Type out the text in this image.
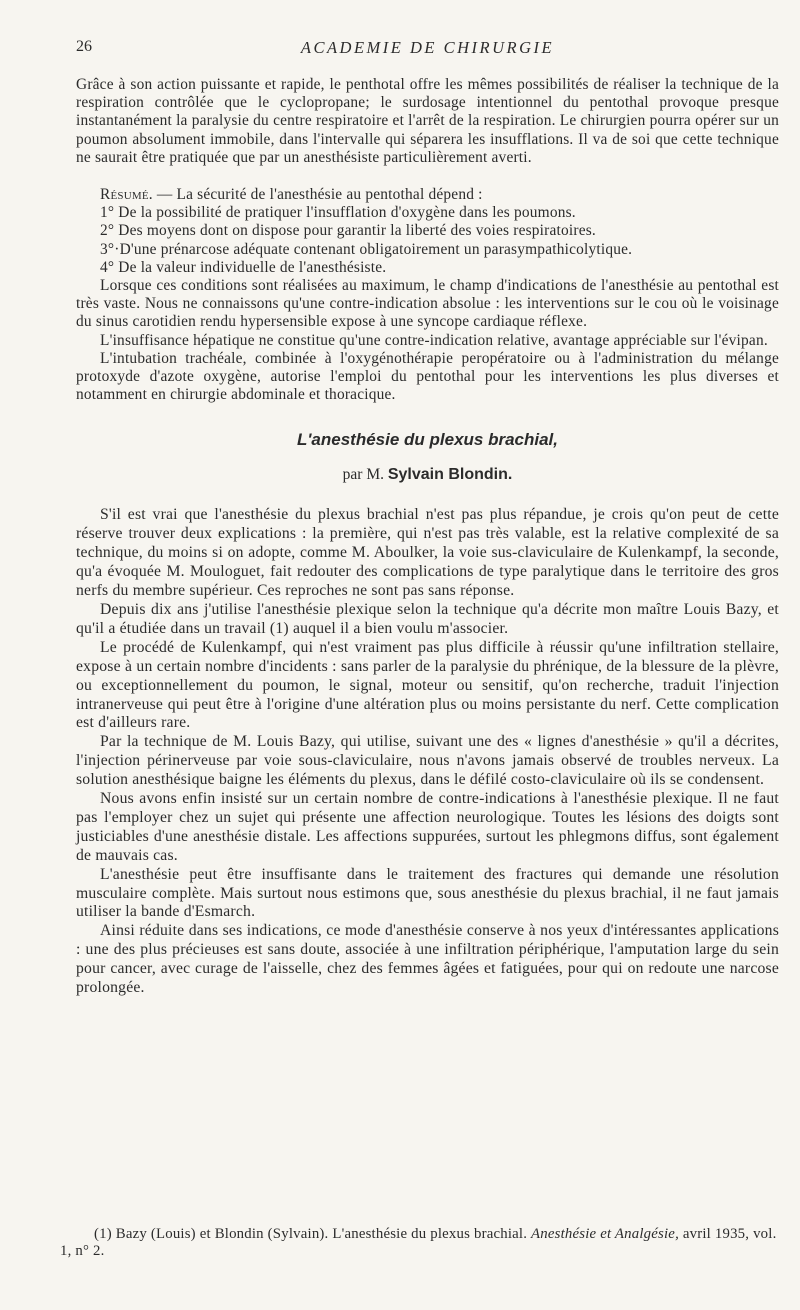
26	ACADEMIE DE CHIRURGIE

Grâce à son action puissante et rapide, le penthotal offre les mêmes possibilités de réaliser la technique de la respiration contrôlée que le cyclopropane; le surdosage intentionnel du pentothal provoque presque instantanément la paralysie du centre respiratoire et l'arrêt de la respiration. Le chirurgien pourra opérer sur un poumon absolument immobile, dans l'intervalle qui séparera les insufflations. Il va de soi que cette technique ne saurait être pratiquée que par un anesthésiste particulièrement averti.

Résumé. — La sécurité de l'anesthésie au pentothal dépend :

1° De la possibilité de pratiquer l'insufflation d'oxygène dans les poumons.

2° Des moyens dont on dispose pour garantir la liberté des voies respiratoires.

3°·D'une prénarcose adéquate contenant obligatoirement un parasympathicolytique.

4° De la valeur individuelle de l'anesthésiste.

Lorsque ces conditions sont réalisées au maximum, le champ d'indications de l'anesthésie au pentothal est très vaste. Nous ne connaissons qu'une contre-indication absolue : les interventions sur le cou où le voisinage du sinus carotidien rendu hypersensible expose à une syncope cardiaque réflexe.

L'insuffisance hépatique ne constitue qu'une contre-indication relative, avantage appréciable sur l'évipan.

L'intubation trachéale, combinée à l'oxygénothérapie peropératoire ou à l'administration du mélange protoxyde d'azote oxygène, autorise l'emploi du pentothal pour les interventions les plus diverses et notamment en chirurgie abdominale et thoracique.

L'anesthésie du plexus brachial,
par M. Sylvain Blondin.

S'il est vrai que l'anesthésie du plexus brachial n'est pas plus répandue, je crois qu'on peut de cette réserve trouver deux explications : la première, qui n'est pas très valable, est la relative complexité de sa technique, du moins si on adopte, comme M. Aboulker, la voie sus-claviculaire de Kulenkampf, la seconde, qu'a évoquée M. Mouloguet, fait redouter des complications de type paralytique dans le territoire des gros nerfs du membre supérieur. Ces reproches ne sont pas sans réponse.

Depuis dix ans j'utilise l'anesthésie plexique selon la technique qu'a décrite mon maître Louis Bazy, et qu'il a étudiée dans un travail (1) auquel il a bien voulu m'associer.

Le procédé de Kulenkampf, qui n'est vraiment pas plus difficile à réussir qu'une infiltration stellaire, expose à un certain nombre d'incidents : sans parler de la paralysie du phrénique, de la blessure de la plèvre, ou exceptionnellement du poumon, le signal, moteur ou sensitif, qu'on recherche, traduit l'injection intranerveuse qui peut être à l'origine d'une altération plus ou moins persistante du nerf. Cette complication est d'ailleurs rare.

Par la technique de M. Louis Bazy, qui utilise, suivant une des « lignes d'anesthésie » qu'il a décrites, l'injection périnerveuse par voie sous-claviculaire, nous n'avons jamais observé de troubles nerveux. La solution anesthésique baigne les éléments du plexus, dans le défilé costo-claviculaire où ils se condensent.

Nous avons enfin insisté sur un certain nombre de contre-indications à l'anesthésie plexique. Il ne faut pas l'employer chez un sujet qui présente une affection neurologique. Toutes les lésions des doigts sont justiciables d'une anesthésie distale. Les affections suppurées, surtout les phlegmons diffus, sont également de mauvais cas.

L'anesthésie peut être insuffisante dans le traitement des fractures qui demande une résolution musculaire complète. Mais surtout nous estimons que, sous anesthésie du plexus brachial, il ne faut jamais utiliser la bande d'Esmarch.

Ainsi réduite dans ses indications, ce mode d'anesthésie conserve à nos yeux d'intéressantes applications : une des plus précieuses est sans doute, associée à une infiltration périphérique, l'amputation large du sein pour cancer, avec curage de l'aisselle, chez des femmes âgées et fatiguées, pour qui on redoute une narcose prolongée.

(1) Bazy (Louis) et Blondin (Sylvain). L'anesthésie du plexus brachial. Anesthésie et Analgésie, avril 1935, vol. 1, n° 2.
